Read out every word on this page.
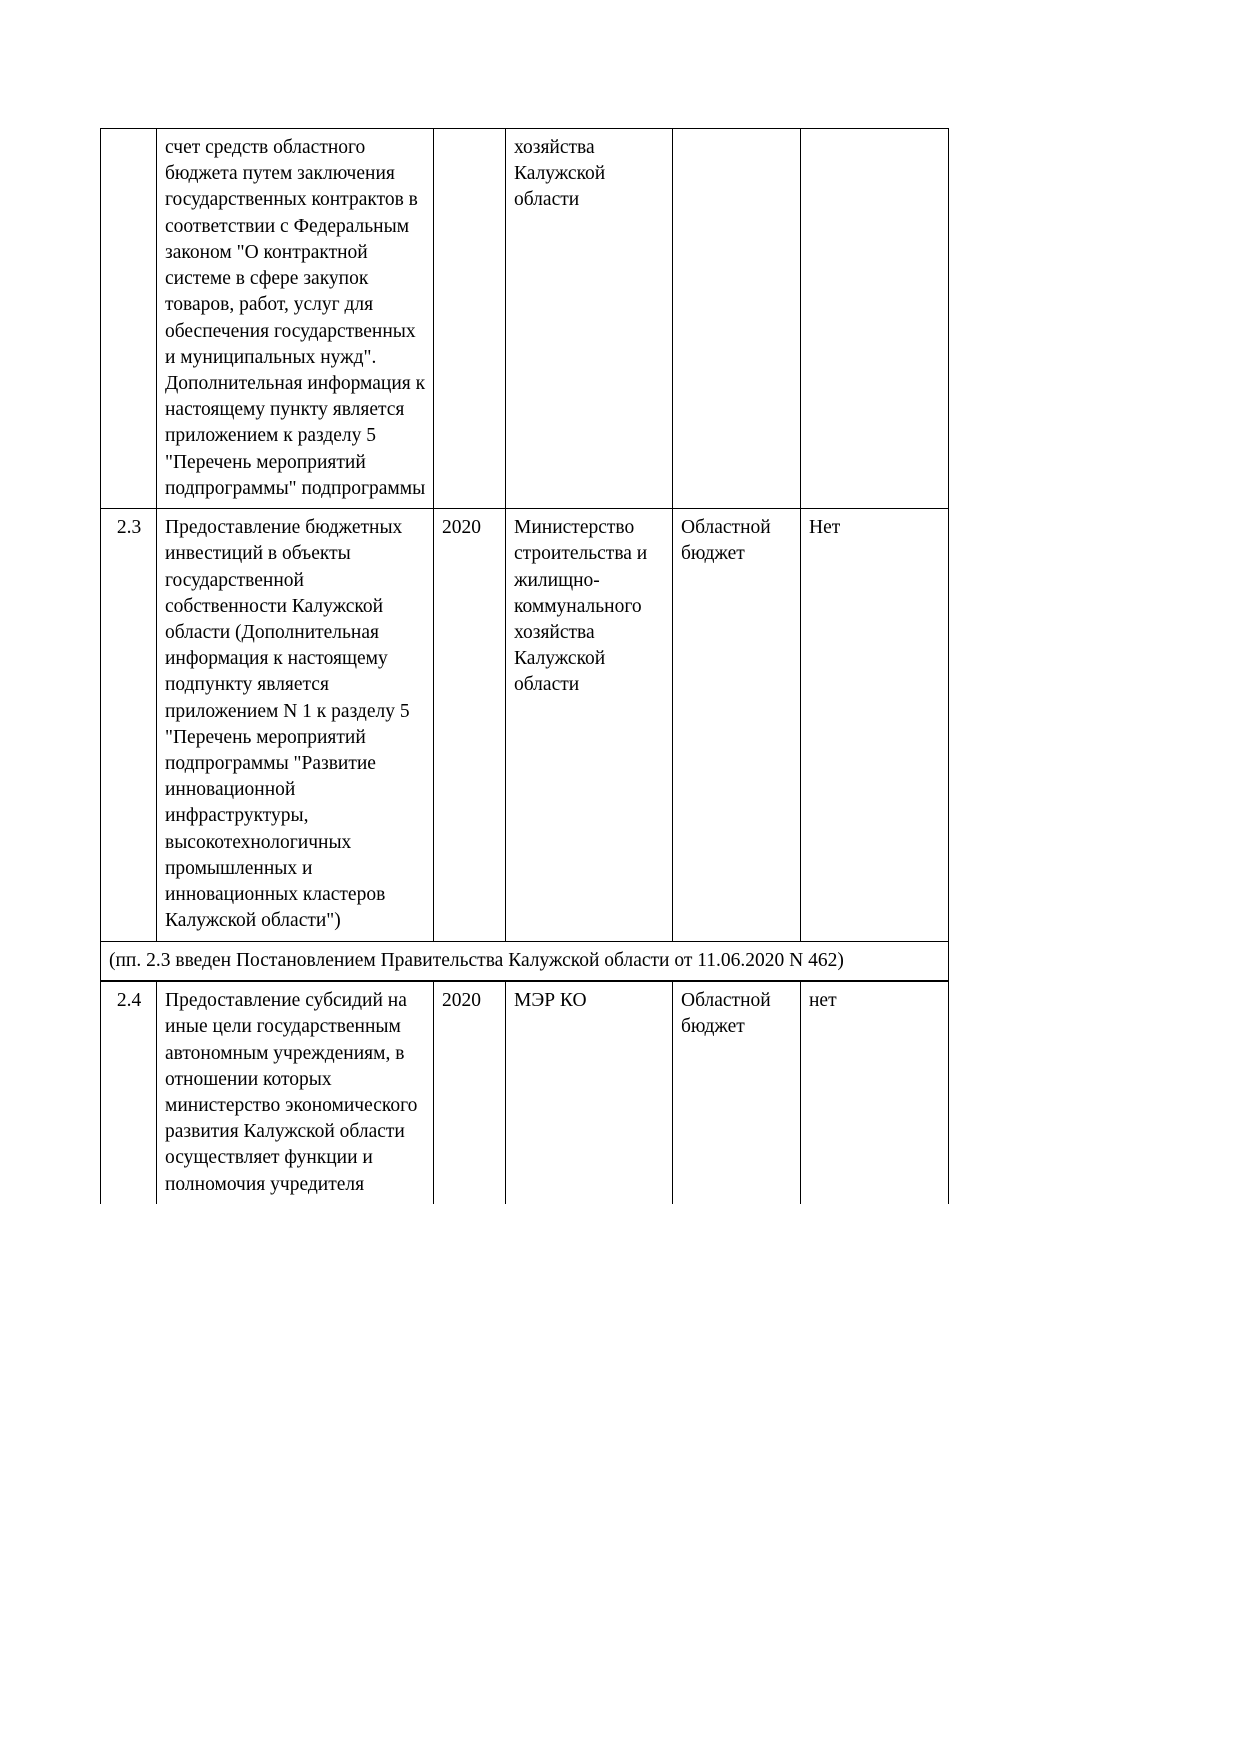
	счет средств областного бюджета путем заключения государственных контрактов в соответствии с Федеральным законом "О контрактной системе в сфере закупок товаров, работ, услуг для обеспечения государственных и муниципальных нужд". Дополнительная информация к настоящему пункту является приложением к разделу 5 "Перечень мероприятий подпрограммы" подпрограммы		хозяйства Калужской области		
2.3	Предоставление бюджетных инвестиций в объекты государственной собственности Калужской области (Дополнительная информация к настоящему подпункту является приложением N 1 к разделу 5 "Перечень мероприятий подпрограммы "Развитие инновационной инфраструктуры, высокотехнологичных промышленных и инновационных кластеров Калужской области")	2020	Министерство строительства и жилищно-коммунального хозяйства Калужской области	Областной бюджет	Нет
(пп. 2.3 введен Постановлением Правительства Калужской области от 11.06.2020 N 462)					
2.4	Предоставление субсидий на иные цели государственным автономным учреждениям, в отношении которых министерство экономического развития Калужской области осуществляет функции и полномочия учредителя	2020	МЭР КО	Областной бюджет	нет
